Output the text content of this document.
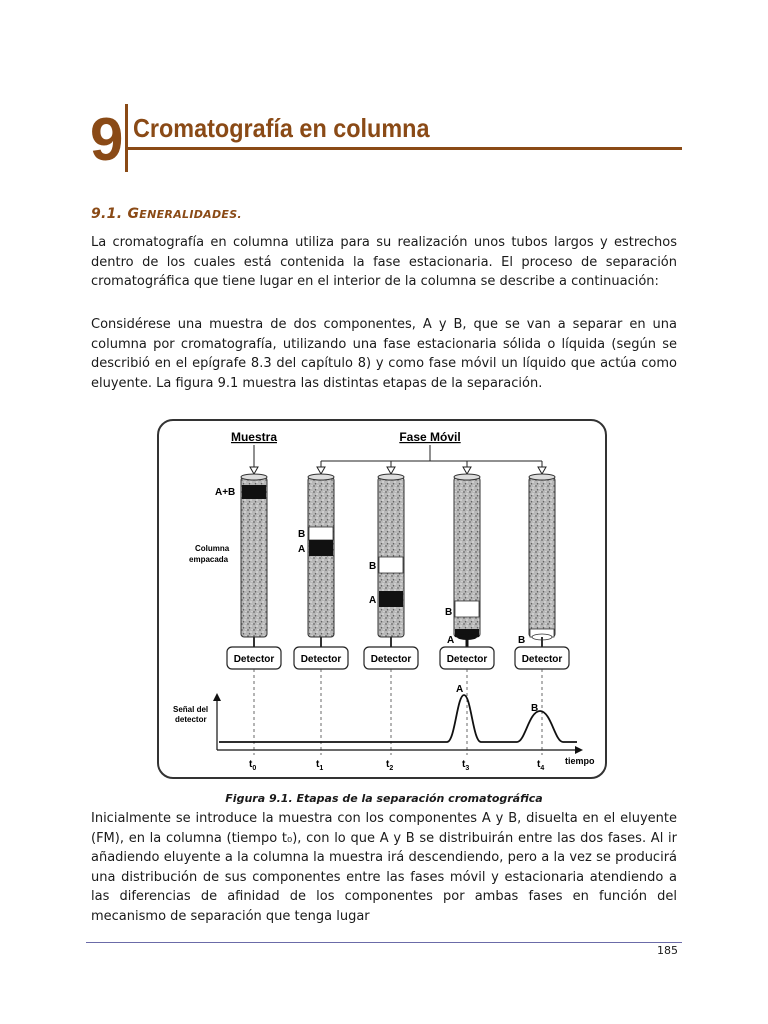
9 Cromatografía en columna
9.1. GENERALIDADES.

La cromatografía en columna utiliza para su realización unos tubos largos y estrechos dentro de los cuales está contenida la fase estacionaria. El proceso de separación cromatográfica que tiene lugar en el interior de la columna se describe a continuación:

Considérese una muestra de dos componentes, A y B, que se van a separar en una columna por cromatografía, utilizando una fase estacionaria sólida o líquida (según se describió en el epígrafe 8.3 del capítulo 8) y como fase móvil un líquido que actúa como eluyente. La figura 9.1 muestra las distintas etapas de la separación.

Muestra	Fase Móvil
A+B
Columna
empacada
B
A
B
A
B
A	B
Detector	Detector	Detector	Detector	Detector
Señal del
detector
tiempo
A
B
$t_0$	$t_1$	$t_2$	$t_3$	$t_4$
Figura 9.1. Etapas de la separación cromatográfica

Inicialmente se introduce la muestra con los componentes A y B, disuelta en el eluyente (FM), en la columna (tiempo t₀), con lo que A y B se distribuirán entre las dos fases. Al ir añadiendo eluyente a la columna la muestra irá descendiendo, pero a la vez se producirá una distribución de sus componentes entre las fases móvil y estacionaria atendiendo a las diferencias de afinidad de los componentes por ambas fases en función del mecanismo de separación que tenga lugar

185
